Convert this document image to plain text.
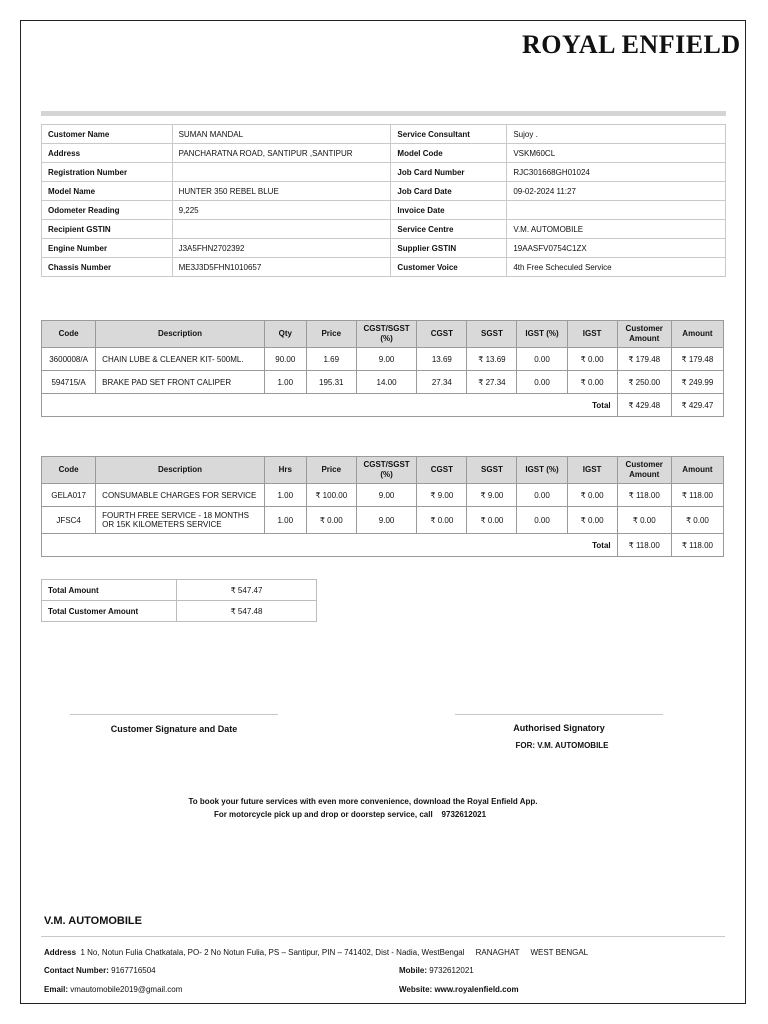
ROYAL ENFIELD
Customer Name	SUMAN MANDAL	Service Consultant	Sujoy .
Address	PANCHARATNA ROAD, SANTIPUR ,SANTIPUR	Model Code	VSKM60CL
Registration Number		Job Card Number	RJC301668GH01024
Model Name	HUNTER 350 REBEL BLUE	Job Card Date	09-02-2024 11:27
Odometer Reading	9,225	Invoice Date	
Recipient GSTIN		Service Centre	V.M. AUTOMOBILE
Engine Number	J3A5FHN2702392	Supplier GSTIN	19AASFV0754C1ZX
Chassis Number	ME3J3D5FHN1010657	Customer Voice	4th Free Scheculed Service
Code	Description	Qty	Price	CGST/SGST (%)	CGST	SGST	IGST (%)	IGST	Customer Amount	Amount
3600008/A	CHAIN LUBE & CLEANER KIT- 500ML.	90.00	1.69	9.00	13.69	₹ 13.69	0.00	₹ 0.00	₹ 179.48	₹ 179.48
594715/A	BRAKE PAD SET FRONT CALIPER	1.00	195.31	14.00	27.34	₹ 27.34	0.00	₹ 0.00	₹ 250.00	₹ 249.99
Total									₹ 429.48	₹ 429.47
Code	Description	Hrs	Price	CGST/SGST (%)	CGST	SGST	IGST (%)	IGST	Customer Amount	Amount
GELA017	CONSUMABLE CHARGES FOR SERVICE	1.00	₹ 100.00	9.00	₹ 9.00	₹ 9.00	0.00	₹ 0.00	₹ 118.00	₹ 118.00
JFSC4	FOURTH FREE SERVICE - 18 MONTHS OR 15K KILOMETERS SERVICE	1.00	₹ 0.00	9.00	₹ 0.00	₹ 0.00	0.00	₹ 0.00	₹ 0.00	₹ 0.00
Total									₹ 118.00	₹ 118.00
Total Amount	₹ 547.47
Total Customer Amount	₹ 547.48
Customer Signature and Date	Authorised Signatory
FOR: V.M. AUTOMOBILE
To book your future services with even more convenience, download the Royal Enfield App.
For motorcycle pick up and drop or doorstep service, call    9732612021
V.M. AUTOMOBILE
Address 1 No, Notun Fulia Chatkatala, PO- 2 No Notun Fulia, PS – Santipur, PIN – 741402, Dist - Nadia, WestBengal     RANAGHAT     WEST BENGAL
Contact Number: 9167716504	Mobile: 9732612021
Email: vmautomobile2019@gmail.com	Website: www.royalenfield.com
